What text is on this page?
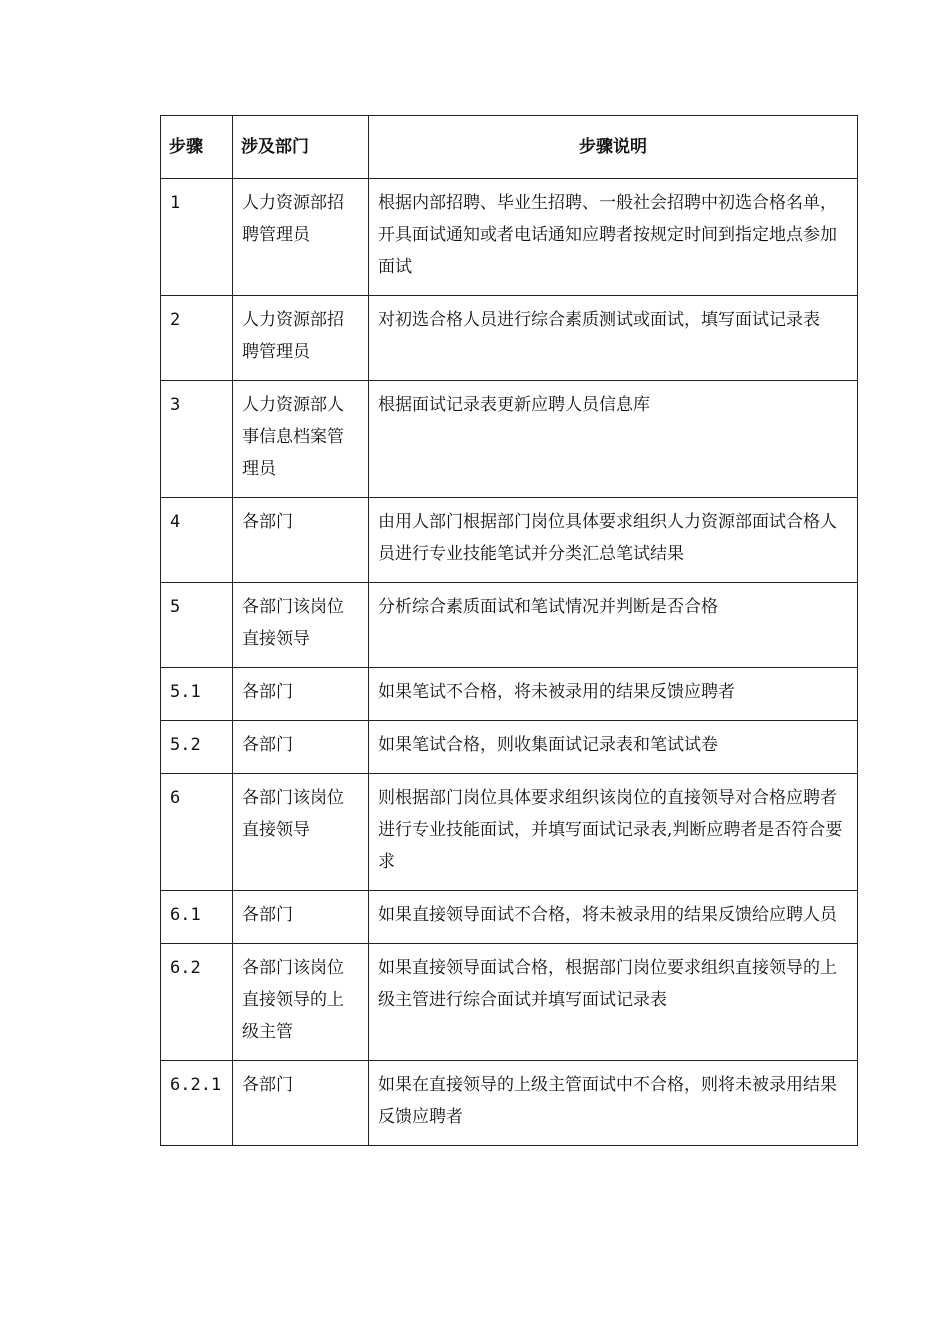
步骤	涉及部门	步骤说明
1	人力资源部招聘管理员	根据内部招聘、毕业生招聘、一般社会招聘中初选合格名单，开具面试通知或者电话通知应聘者按规定时间到指定地点参加面试
2	人力资源部招聘管理员	对初选合格人员进行综合素质测试或面试，填写面试记录表
3	人力资源部人事信息档案管理员	根据面试记录表更新应聘人员信息库
4	各部门	由用人部门根据部门岗位具体要求组织人力资源部面试合格人员进行专业技能笔试并分类汇总笔试结果
5	各部门该岗位直接领导	分析综合素质面试和笔试情况并判断是否合格
5.1	各部门	如果笔试不合格，将未被录用的结果反馈应聘者
5.2	各部门	如果笔试合格，则收集面试记录表和笔试试卷
6	各部门该岗位直接领导	则根据部门岗位具体要求组织该岗位的直接领导对合格应聘者进行专业技能面试，并填写面试记录表,判断应聘者是否符合要求
6.1	各部门	如果直接领导面试不合格，将未被录用的结果反馈给应聘人员
6.2	各部门该岗位直接领导的上级主管	如果直接领导面试合格，根据部门岗位要求组织直接领导的上级主管进行综合面试并填写面试记录表
6.2.1	各部门	如果在直接领导的上级主管面试中不合格，则将未被录用结果反馈应聘者
